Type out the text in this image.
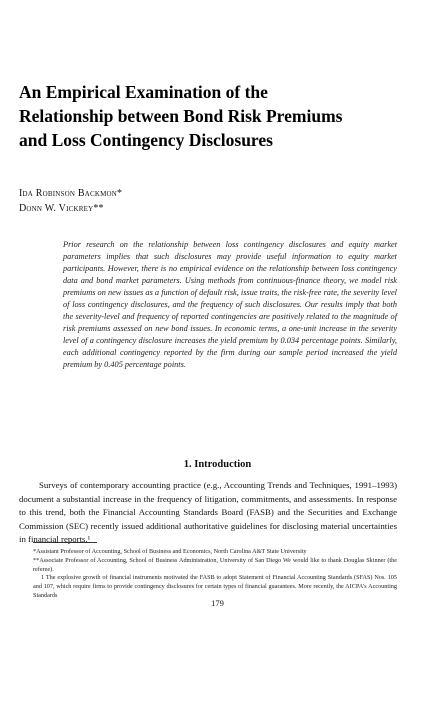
An Empirical Examination of the Relationship between Bond Risk Premiums and Loss Contingency Disclosures
Ida Robinson Backmon*
Donn W. Vickrey**
Prior research on the relationship between loss contingency disclosures and equity market parameters implies that such disclosures may provide useful information to equity market participants. However, there is no empirical evidence on the relationship between loss contingency data and bond market parameters. Using methods from continuous-finance theory, we model risk premiums on new issues as a function of default risk, issue traits, the risk-free rate, the severity level of loss contingency disclosures, and the frequency of such disclosures. Our results imply that both the severity-level and frequency of reported contingencies are positively related to the magnitude of risk premiums assessed on new bond issues. In economic terms, a one-unit increase in the severity level of a contingency disclosure increases the yield premium by 0.034 percentage points. Similarly, each additional contingency reported by the firm during our sample period increased the yield premium by 0.405 percentage points.
1. Introduction
Surveys of contemporary accounting practice (e.g., Accounting Trends and Techniques, 1991–1993) document a substantial increase in the frequency of litigation, commitments, and assessments. In response to this trend, both the Financial Accounting Standards Board (FASB) and the Securities and Exchange Commission (SEC) recently issued additional authoritative guidelines for disclosing material uncertainties in financial reports.¹

*Assistant Professor of Accounting, School of Business and Economics, North Carolina A&T State University

**Associate Professor of Accounting, School of Business Administration, University of San Diego We would like to thank Douglas Skinner (the referee).

1 The explosive growth of financial instruments motivated the FASB to adopt Statement of Financial Accounting Standards (SFAS) Nos. 105 and 107, which require firms to provide contingency disclosures for certain types of financial guarantees. More recently, the AICPA's Accounting Standards

179
